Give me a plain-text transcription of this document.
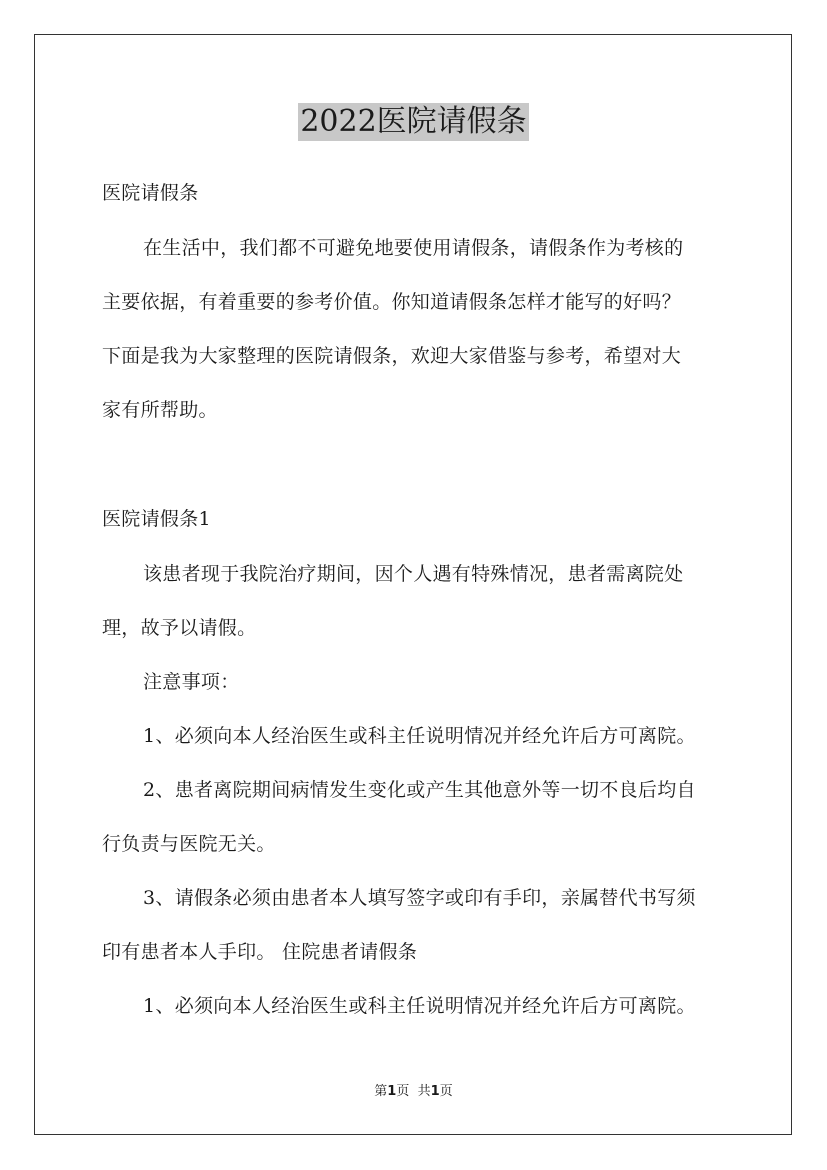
2022医院请假条
医院请假条
在生活中，我们都不可避免地要使用请假条，请假条作为考核的
主要依据，有着重要的参考价值。你知道请假条怎样才能写的好吗？
下面是我为大家整理的医院请假条，欢迎大家借鉴与参考，希望对大
家有所帮助。
医院请假条1
该患者现于我院治疗期间，因个人遇有特殊情况，患者需离院处
理，故予以请假。
注意事项：
1、必须向本人经治医生或科主任说明情况并经允许后方可离院。
2、患者离院期间病情发生变化或产生其他意外等一切不良后均自
行负责与医院无关。
3、请假条必须由患者本人填写签字或印有手印，亲属替代书写须
印有患者本人手印。 住院患者请假条
1、必须向本人经治医生或科主任说明情况并经允许后方可离院。
第1页 共1页
